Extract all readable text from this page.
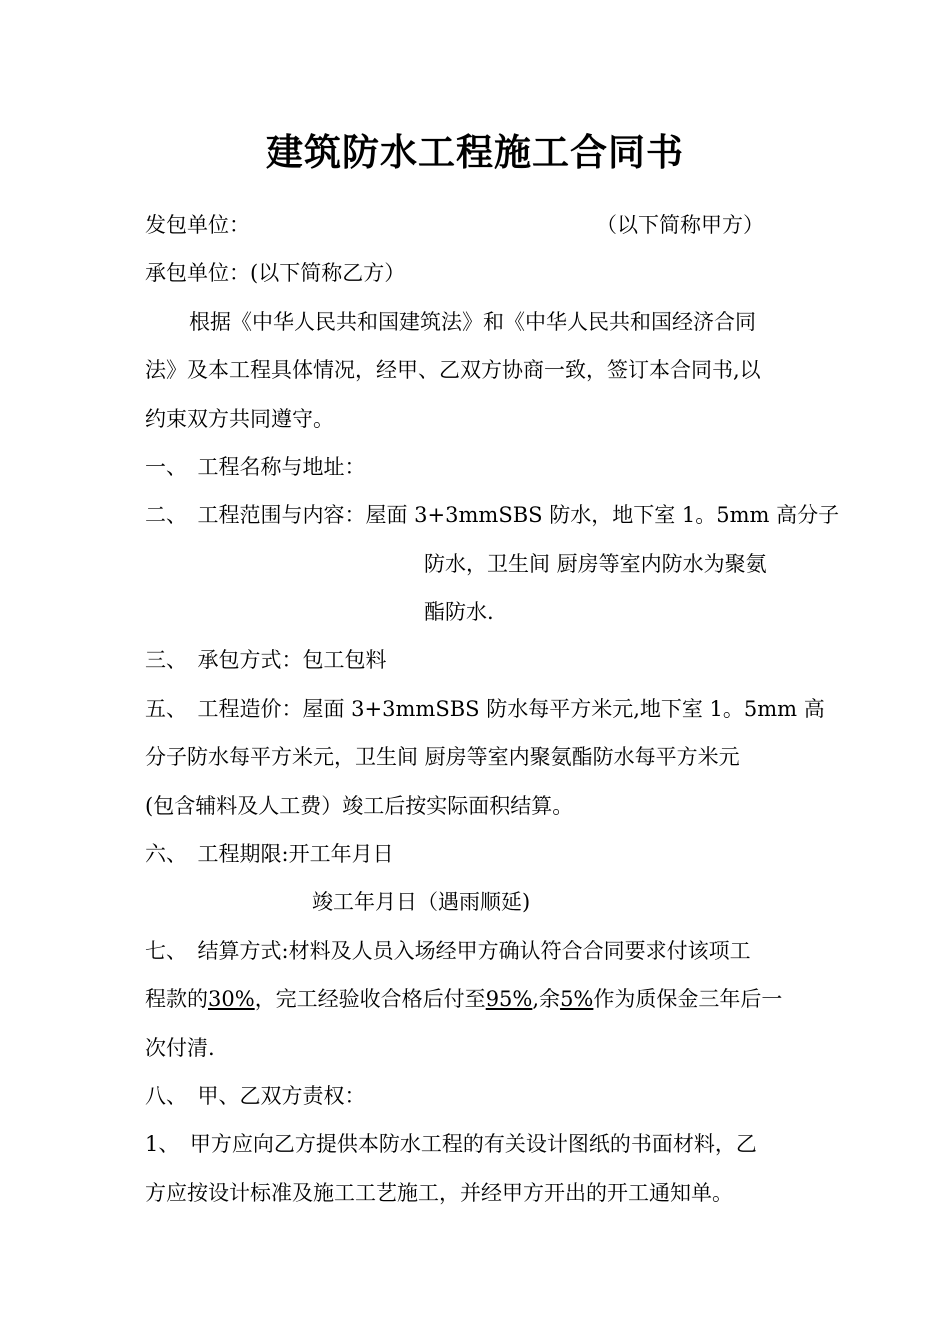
建筑防水工程施工合同书
发包单位：	（以下简称甲方）
承包单位：(以下简称乙方）
根据《中华人民共和国建筑法》和《中华人民共和国经济合同
法》及本工程具体情况，经甲、乙双方协商一致，签订本合同书,以
约束双方共同遵守。
一、　工程名称与地址：
二、　工程范围与内容：屋面 3+3mmSBS 防水，地下室 1。5mm 高分子
防水，卫生间 厨房等室内防水为聚氨
酯防水.
三、　承包方式：包工包料
五、　工程造价：屋面 3+3mmSBS 防水每平方米元,地下室 1。5mm 高
分子防水每平方米元，卫生间 厨房等室内聚氨酯防水每平方米元
(包含辅料及人工费）竣工后按实际面积结算。
六、　工程期限:开工年月日
竣工年月日（遇雨顺延)
七、　结算方式:材料及人员入场经甲方确认符合合同要求付该项工
程款的30%，完工经验收合格后付至95%,余5%作为质保金三年后一
次付清.
八、　甲、乙双方责权：
1、　甲方应向乙方提供本防水工程的有关设计图纸的书面材料，乙
方应按设计标准及施工工艺施工，并经甲方开出的开工通知单。
